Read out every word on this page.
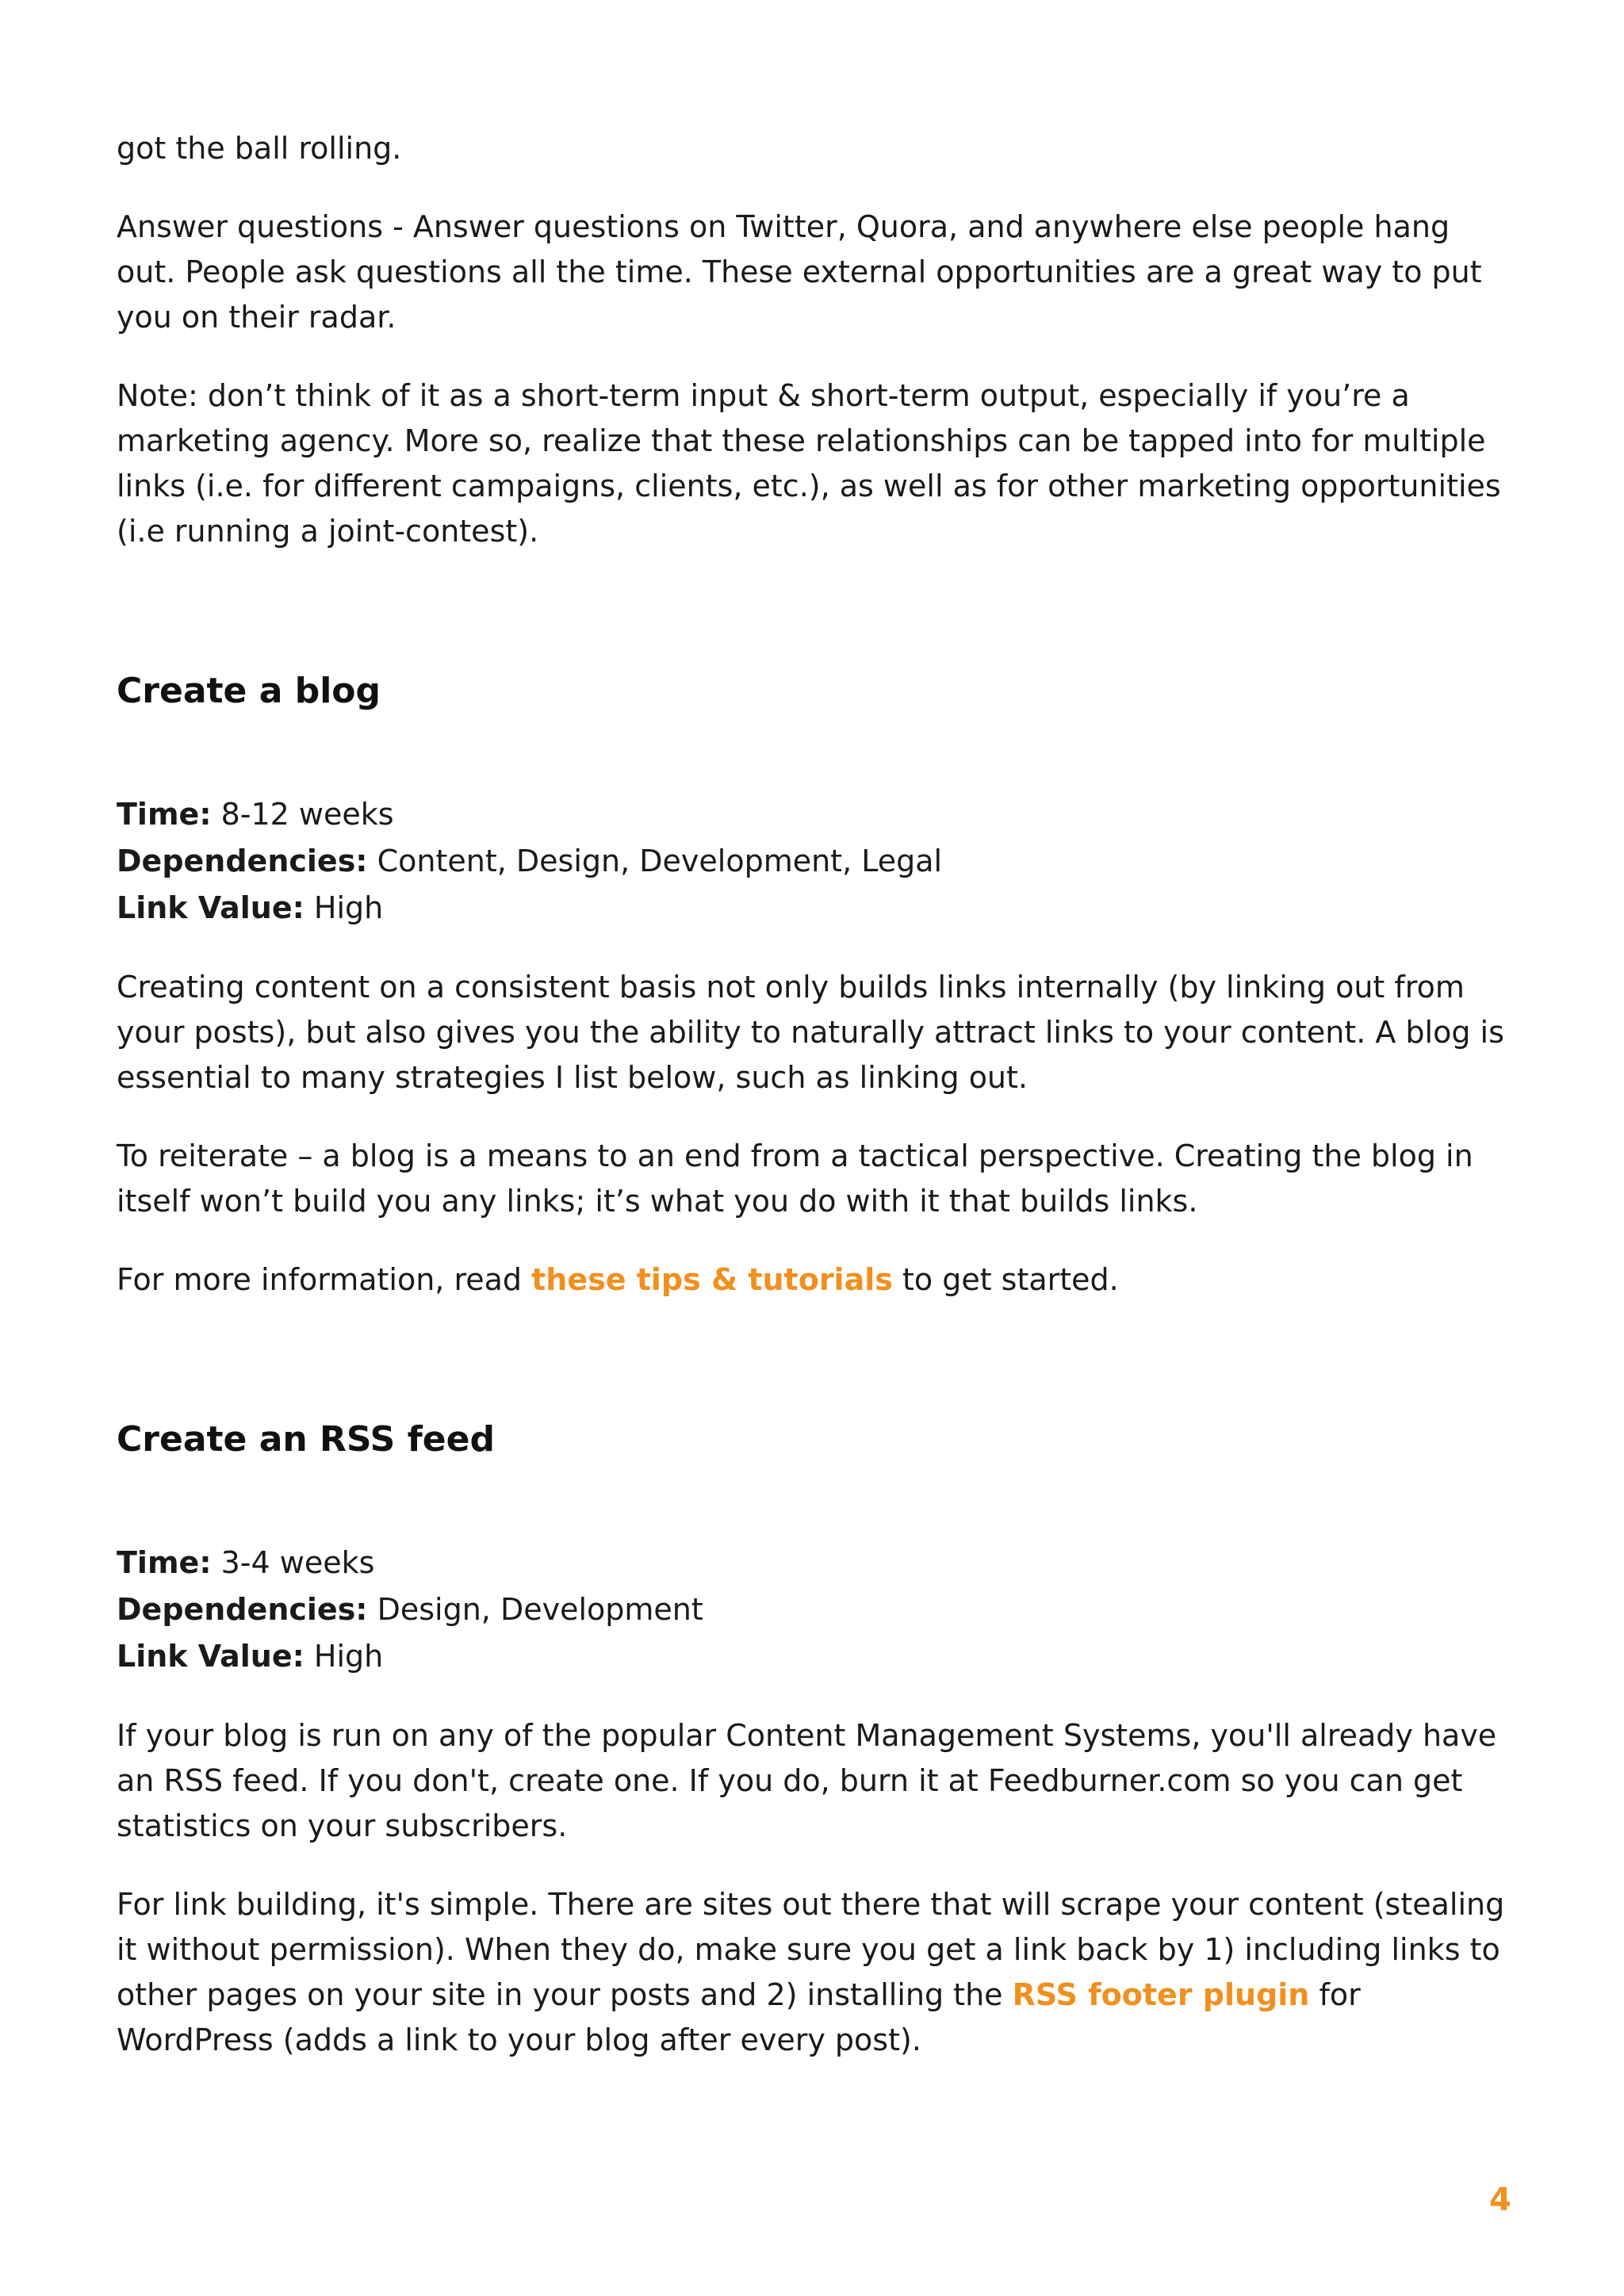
got the ball rolling.

Answer questions - Answer questions on Twitter, Quora, and anywhere else people hang out. People ask questions all the time. These external opportunities are a great way to put you on their radar.

Note: don’t think of it as a short-term input & short-term output, especially if you’re a marketing agency. More so, realize that these relationships can be tapped into for multiple links (i.e. for different campaigns, clients, etc.), as well as for other marketing opportunities (i.e running a joint-contest).

Create a blog

Time: 8-12 weeks

Dependencies: Content, Design, Development, Legal

Link Value: High

Creating content on a consistent basis not only builds links internally (by linking out from your posts), but also gives you the ability to naturally attract links to your content. A blog is essential to many strategies I list below, such as linking out.

To reiterate – a blog is a means to an end from a tactical perspective. Creating the blog in itself won’t build you any links; it’s what you do with it that builds links.

For more information, read these tips & tutorials to get started.

Create an RSS feed

Time: 3-4 weeks

Dependencies: Design, Development

Link Value: High

If your blog is run on any of the popular Content Management Systems, you'll already have an RSS feed. If you don't, create one. If you do, burn it at Feedburner.com so you can get statistics on your subscribers.

For link building, it's simple. There are sites out there that will scrape your content (stealing it without permission). When they do, make sure you get a link back by 1) including links to other pages on your site in your posts and 2) installing the RSS footer plugin for WordPress (adds a link to your blog after every post).

4
